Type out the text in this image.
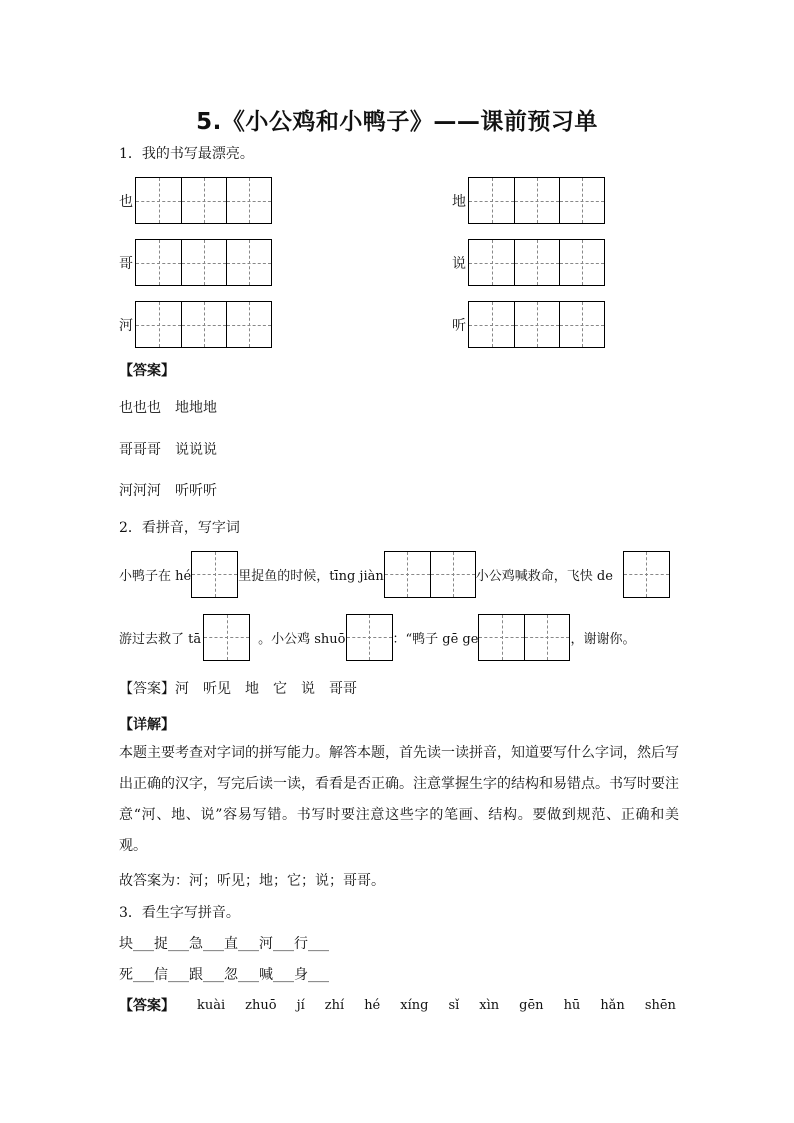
5.《小公鸡和小鸭子》——课前预习单
1．我的书写最漂亮。
也	地
哥	说
河	听
【答案】
也也也　地地地
哥哥哥　说说说
河河河　听听听
2．看拼音，写字词
小鸭子在 hé	里捉鱼的时候，tīng jiàn	小公鸡喊救命，飞快 de
游过去救了 tā	。小公鸡 shuō	：“鸭子 gē ge	，谢谢你。
【答案】河　听见　地　它　说　哥哥
【详解】
本题主要考查对字词的拼写能力。解答本题，首先读一读拼音，知道要写什么字词，然后写出正确的汉字，写完后读一读，看看是否正确。注意掌握生字的结构和易错点。书写时要注意“河、地、说”容易写错。书写时要注意这些字的笔画、结构。要做到规范、正确和美观。
故答案为：河；听见；地；它；说；哥哥。
3．看生字写拼音。
块___捉___急___直___河___行___
死___信___跟___忽___喊___身___
【答案】 kuài zhuō jí zhí hé xíng sǐ xìn gēn hū hǎn shēn
